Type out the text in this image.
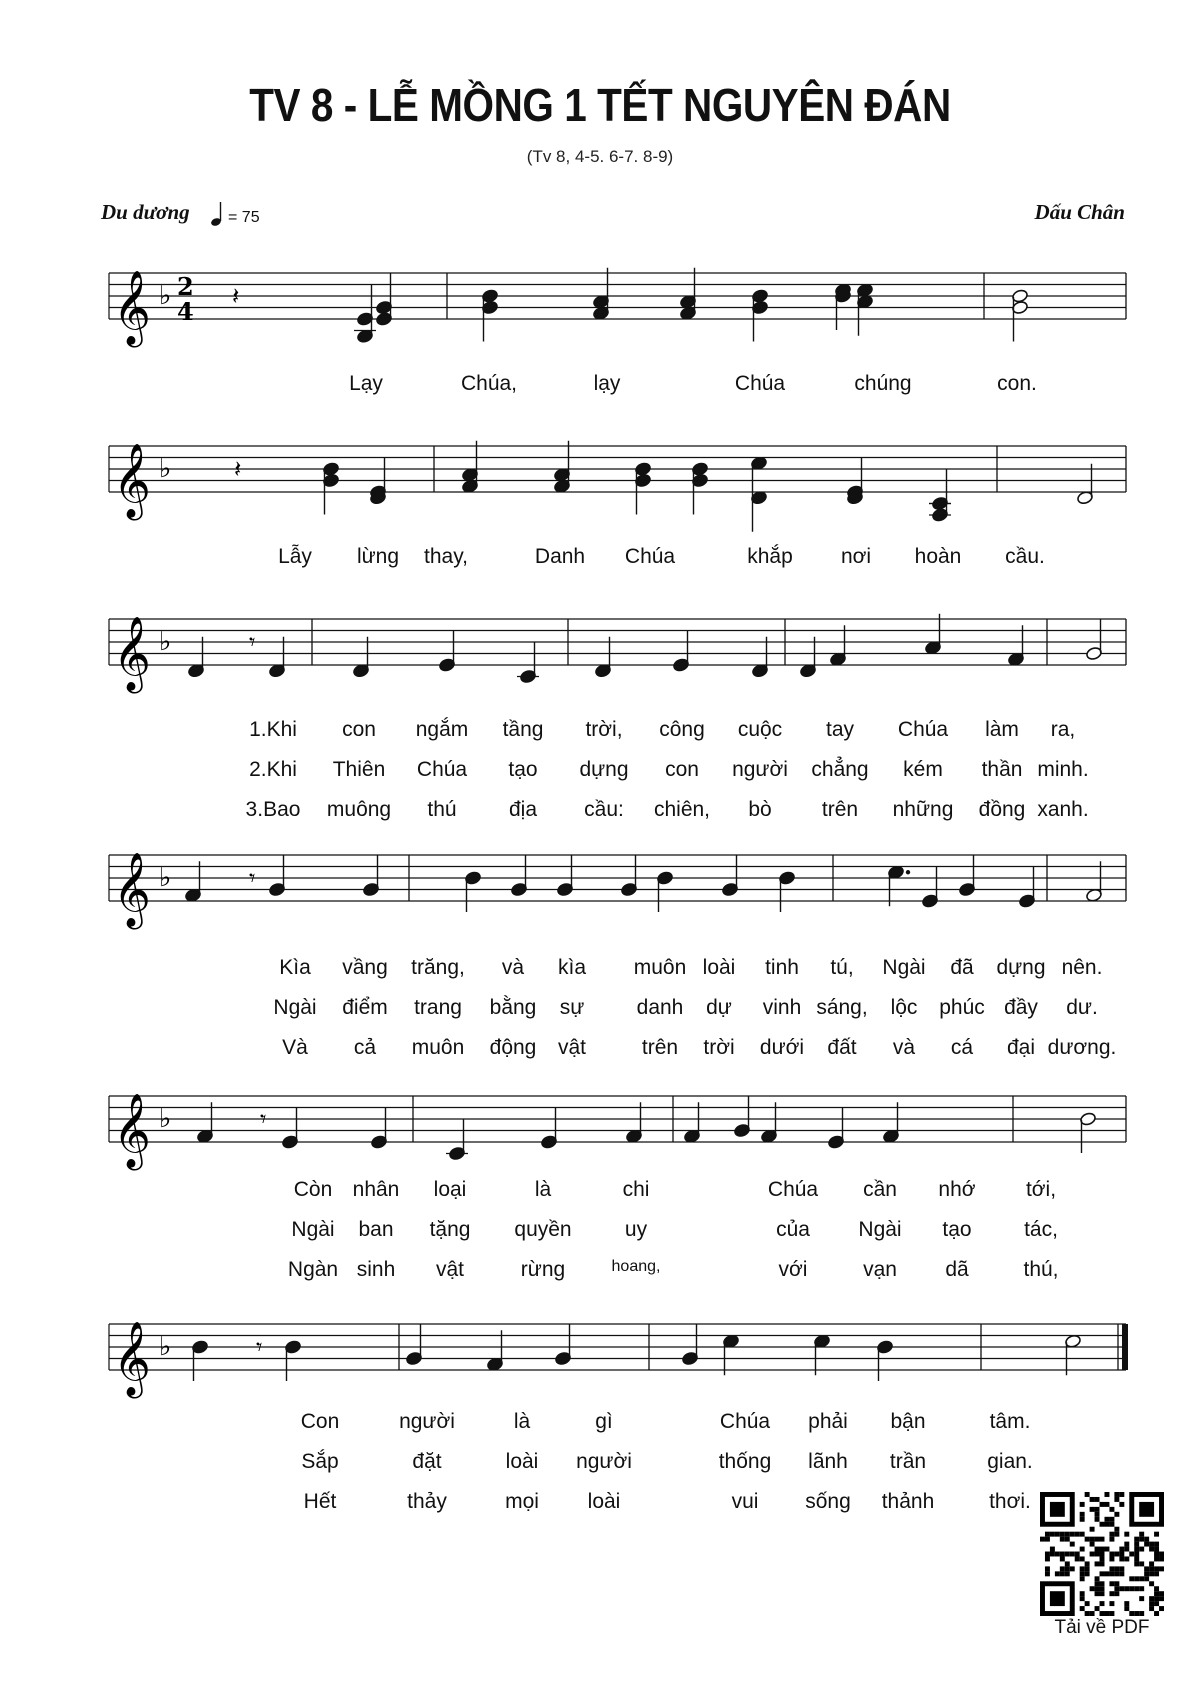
TV 8 - LỄ MỒNG 1 TẾT NGUYÊN ĐÁN
(Tv 8, 4-5. 6-7. 8-9)
Du dương = 75	Dấu Chân
𝄞 ♭ 2
4
𝄽
𝄞 ♭	𝄽
𝄞 ♭	𝄾
𝄞 ♭	𝄾
𝄞 ♭	𝄾
𝄞 ♭	𝄾
Lạy	Chúa,	lạy	Chúa	chúng	con.
Lẫy lừng thay,	Danh Chúa	khắp nơi hoàn cầu.
1.Khi con ngắm tầng trời, công cuộc tay Chúa làm ra,
2.Khi Thiên Chúa tạo dựng con người chẳng kém thần minh.
3.Bao muông thú địa cầu: chiên, bò trên những đồng xanh.
Kìa vầng trăng, và kìa muôn loài tinh tú, Ngài đã dựng nên.
Ngài điểm trang bằng sự danh dự vinh sáng, lộc phúc đầy dư.
Và cả muôn động vật	trên trời dưới đất và cá đại dương.
Còn nhân loại	là	chi	Chúa cần nhớ tới,
Ngài ban tặng quyền	uy	của Ngài tạo tác,
Ngàn sinh vật	rừng	hoang,	với	vạn dã	thú,
Con	người	là	gì	Chúa phải bận	tâm.
Sắp	đặt	loài người	thống lãnh trần	gian.
Hết	thảy	mọi loài	vui sống thảnh	thơi.
Tải về PDF
